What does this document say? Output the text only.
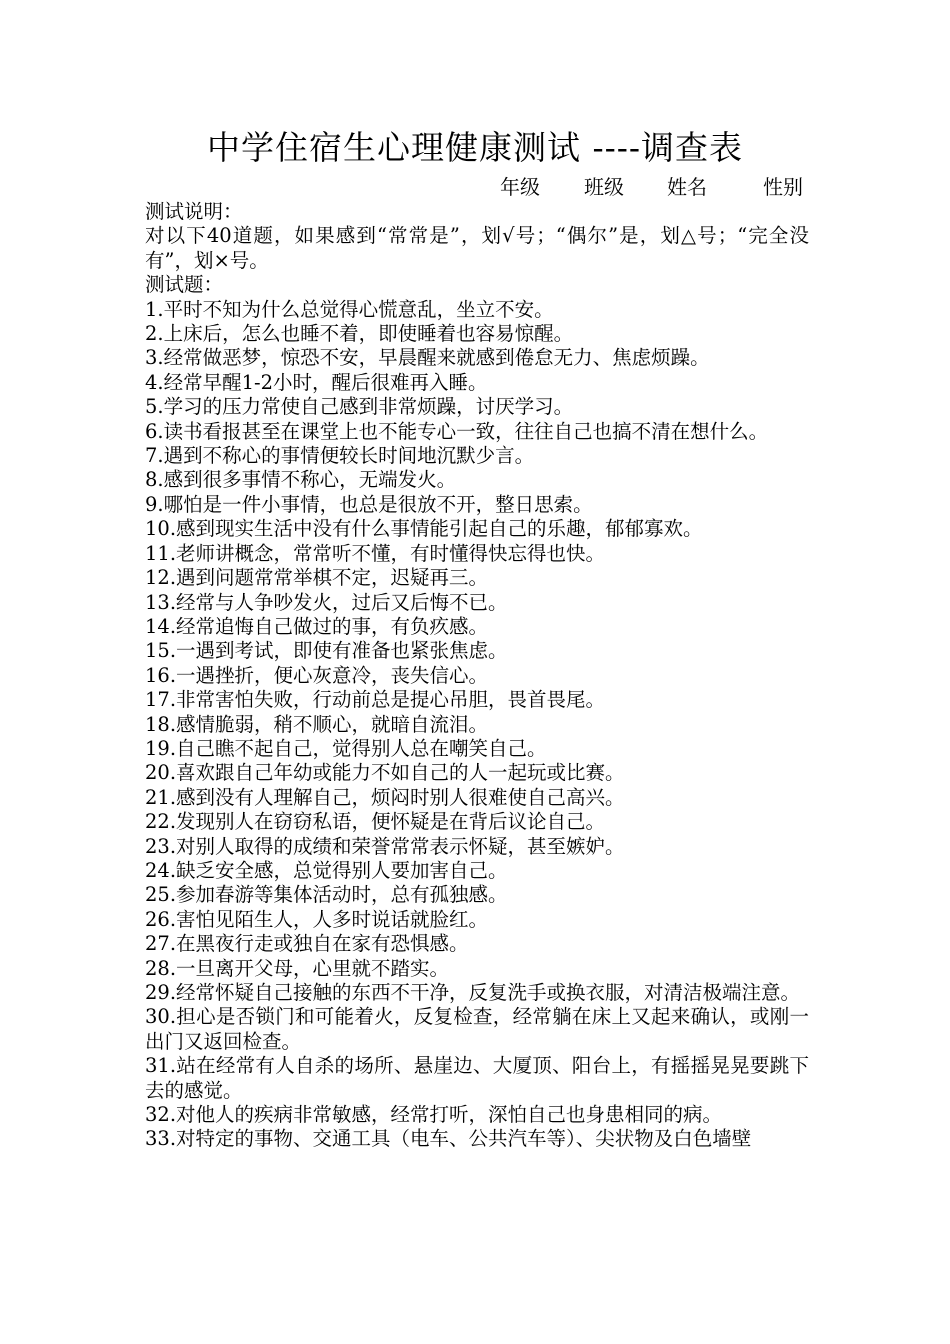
中学住宿生心理健康测试 ----调查表
年级 班级 姓名	性别

测试说明：

对以下40道题，如果感到“常常是”，划√号；“偶尔”是，划△号；“完全没有”，划×号。

测试题：

1.平时不知为什么总觉得心慌意乱，坐立不安。

2.上床后，怎么也睡不着，即使睡着也容易惊醒。

3.经常做恶梦，惊恐不安，早晨醒来就感到倦怠无力、焦虑烦躁。

4.经常早醒1-2小时，醒后很难再入睡。

5.学习的压力常使自己感到非常烦躁，讨厌学习。

6.读书看报甚至在课堂上也不能专心一致，往往自己也搞不清在想什么。

7.遇到不称心的事情便较长时间地沉默少言。

8.感到很多事情不称心，无端发火。

9.哪怕是一件小事情，也总是很放不开，整日思索。

10.感到现实生活中没有什么事情能引起自己的乐趣，郁郁寡欢。

11.老师讲概念，常常听不懂，有时懂得快忘得也快。

12.遇到问题常常举棋不定，迟疑再三。

13.经常与人争吵发火，过后又后悔不已。

14.经常追悔自己做过的事，有负疚感。

15.一遇到考试，即使有准备也紧张焦虑。

16.一遇挫折，便心灰意冷，丧失信心。

17.非常害怕失败，行动前总是提心吊胆，畏首畏尾。

18.感情脆弱，稍不顺心，就暗自流泪。

19.自己瞧不起自己，觉得别人总在嘲笑自己。

20.喜欢跟自己年幼或能力不如自己的人一起玩或比赛。

21.感到没有人理解自己，烦闷时别人很难使自己高兴。

22.发现别人在窃窃私语，便怀疑是在背后议论自己。

23.对别人取得的成绩和荣誉常常表示怀疑，甚至嫉妒。

24.缺乏安全感，总觉得别人要加害自己。

25.参加春游等集体活动时，总有孤独感。

26.害怕见陌生人，人多时说话就脸红。

27.在黑夜行走或独自在家有恐惧感。

28.一旦离开父母，心里就不踏实。

29.经常怀疑自己接触的东西不干净，反复洗手或换衣服，对清洁极端注意。

30.担心是否锁门和可能着火，反复检查，经常躺在床上又起来确认，或刚一出门又返回检查。

31.站在经常有人自杀的场所、悬崖边、大厦顶、阳台上，有摇摇晃晃要跳下去的感觉。

32.对他人的疾病非常敏感，经常打听，深怕自己也身患相同的病。

33.对特定的事物、交通工具（电车、公共汽车等）、尖状物及白色墙壁
